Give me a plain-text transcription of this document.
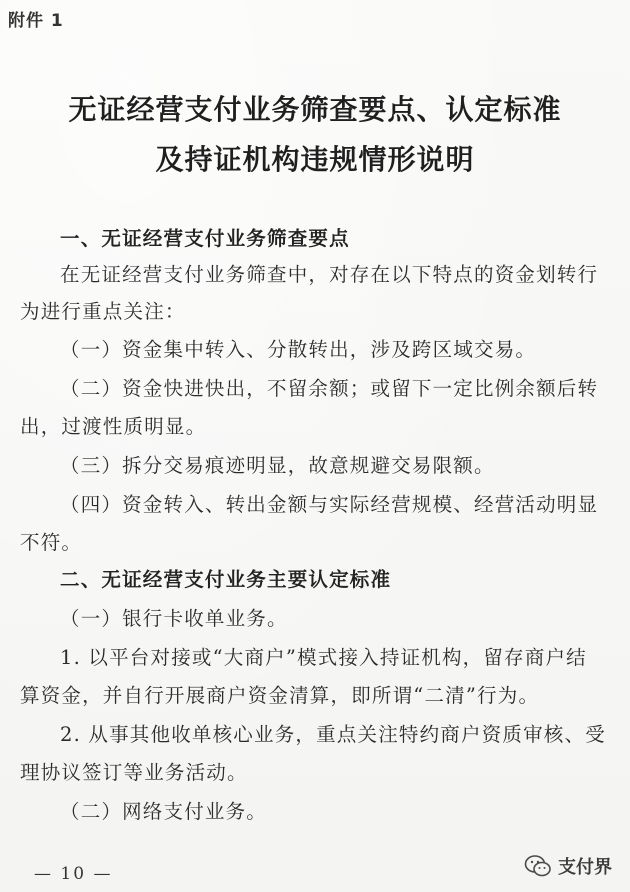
附件 1
无证经营支付业务筛查要点、认定标准
及持证机构违规情形说明
一、无证经营支付业务筛查要点
在无证经营支付业务筛查中，对存在以下特点的资金划转行
为进行重点关注：
（一）资金集中转入、分散转出，涉及跨区域交易。
（二）资金快进快出，不留余额；或留下一定比例余额后转
出，过渡性质明显。
（三）拆分交易痕迹明显，故意规避交易限额。
（四）资金转入、转出金额与实际经营规模、经营活动明显
不符。
二、无证经营支付业务主要认定标准
（一）银行卡收单业务。
1. 以平台对接或“大商户”模式接入持证机构，留存商户结
算资金，并自行开展商户资金清算，即所谓“二清”行为。
2. 从事其他收单核心业务，重点关注特约商户资质审核、受
理协议签订等业务活动。
（二）网络支付业务。
— 10 —	支付界
